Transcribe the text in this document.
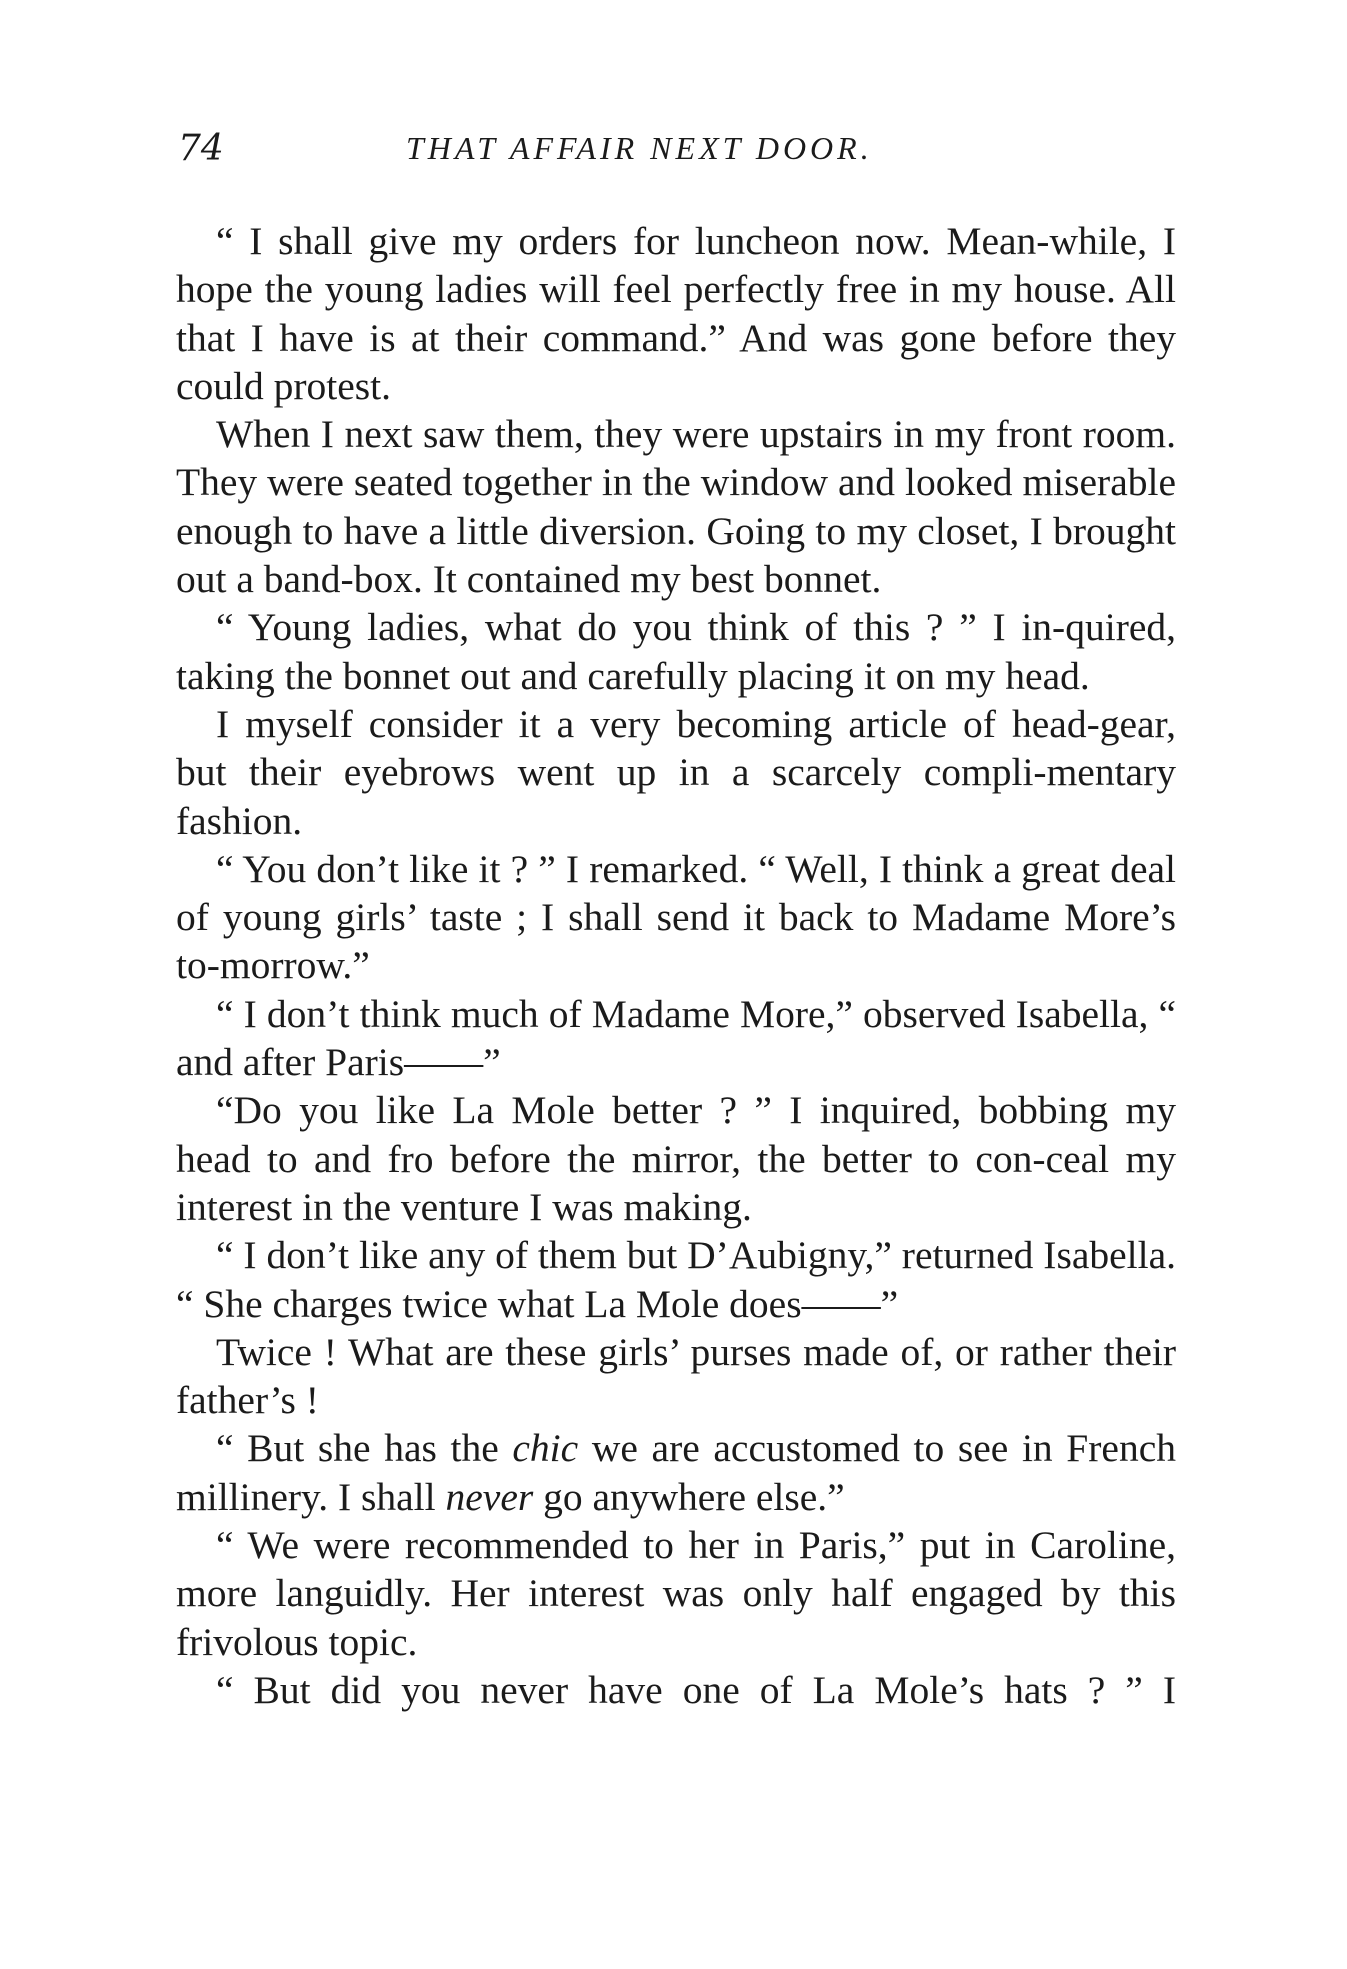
74	THAT AFFAIR NEXT DOOR.

“ I shall give my orders for luncheon now. Mean-while, I hope the young ladies will feel perfectly free in my house. All that I have is at their command.” And was gone before they could protest.

When I next saw them, they were upstairs in my front room. They were seated together in the window and looked miserable enough to have a little diversion. Going to my closet, I brought out a band-box. It contained my best bonnet.

“ Young ladies, what do you think of this ? ” I in-quired, taking the bonnet out and carefully placing it on my head.

I myself consider it a very becoming article of head-gear, but their eyebrows went up in a scarcely compli-mentary fashion.

“ You don’t like it ? ” I remarked. “ Well, I think a great deal of young girls’ taste ; I shall send it back to Madame More’s to-morrow.”

“ I don’t think much of Madame More,” observed Isabella, “ and after Paris——”

“Do you like La Mole better ? ” I inquired, bobbing my head to and fro before the mirror, the better to con-ceal my interest in the venture I was making.

“ I don’t like any of them but D’Aubigny,” returned Isabella. “ She charges twice what La Mole does——”

Twice ! What are these girls’ purses made of, or rather their father’s !

“ But she has the chic we are accustomed to see in French millinery. I shall never go anywhere else.”

“ We were recommended to her in Paris,” put in Caroline, more languidly. Her interest was only half engaged by this frivolous topic.

“ But did you never have one of La Mole’s hats ? ” I
